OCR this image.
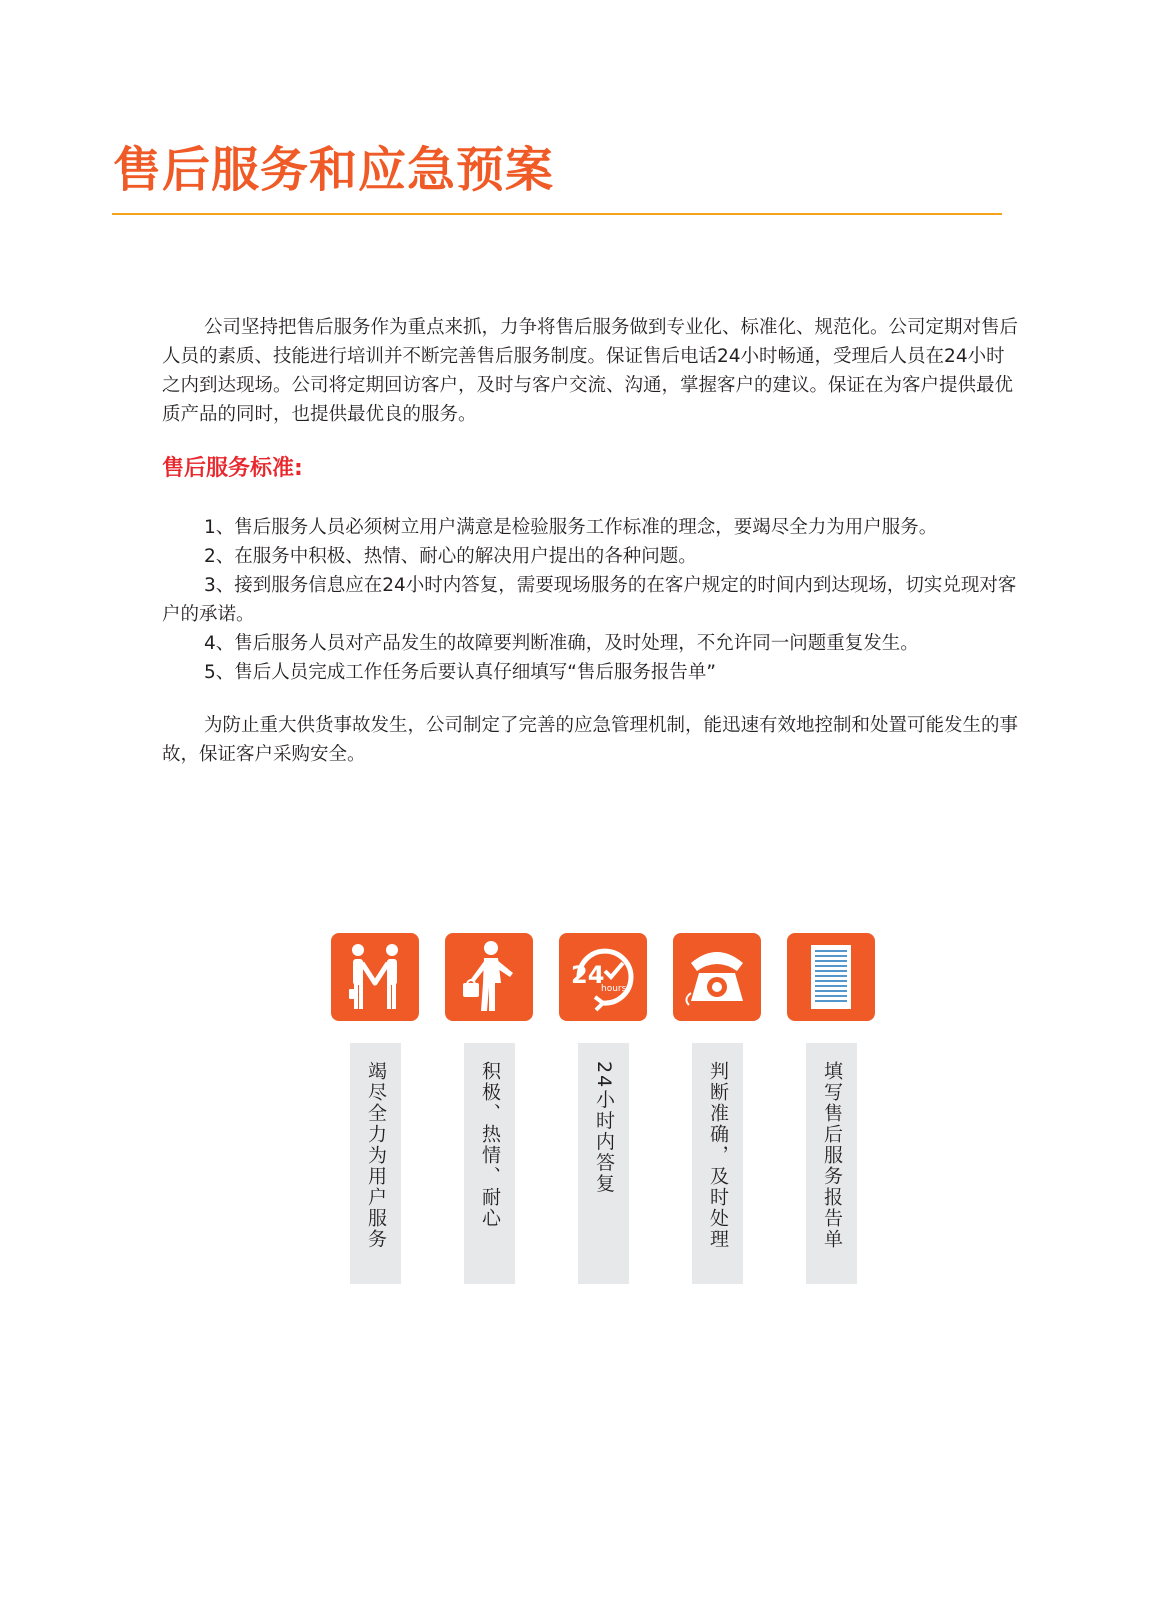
售后服务和应急预案

公司坚持把售后服务作为重点来抓，力争将售后服务做到专业化、标准化、规范化。公司定期对售后人员的素质、技能进行培训并不断完善售后服务制度。保证售后电话24小时畅通，受理后人员在24小时之内到达现场。公司将定期回访客户，及时与客户交流、沟通，掌握客户的建议。保证在为客户提供最优质产品的同时，也提供最优良的服务。

售后服务标准:
1、售后服务人员必须树立用户满意是检验服务工作标准的理念，要竭尽全力为用户服务。
2、在服务中积极、热情、耐心的解决用户提出的各种问题。
3、接到服务信息应在24小时内答复，需要现场服务的在客户规定的时间内到达现场，切实兑现对客户的承诺。
4、售后服务人员对产品发生的故障要判断准确，及时处理，不允许同一问题重复发生。
5、售后人员完成工作任务后要认真仔细填写“售后服务报告单”

为防止重大供货事故发生，公司制定了完善的应急管理机制，能迅速有效地控制和处置可能发生的事故，保证客户采购安全。

24
hours
竭尽全力为用户服务	积极、热情、耐心	24小时内答复	判断准确，及时处理	填写售后服务报告单
